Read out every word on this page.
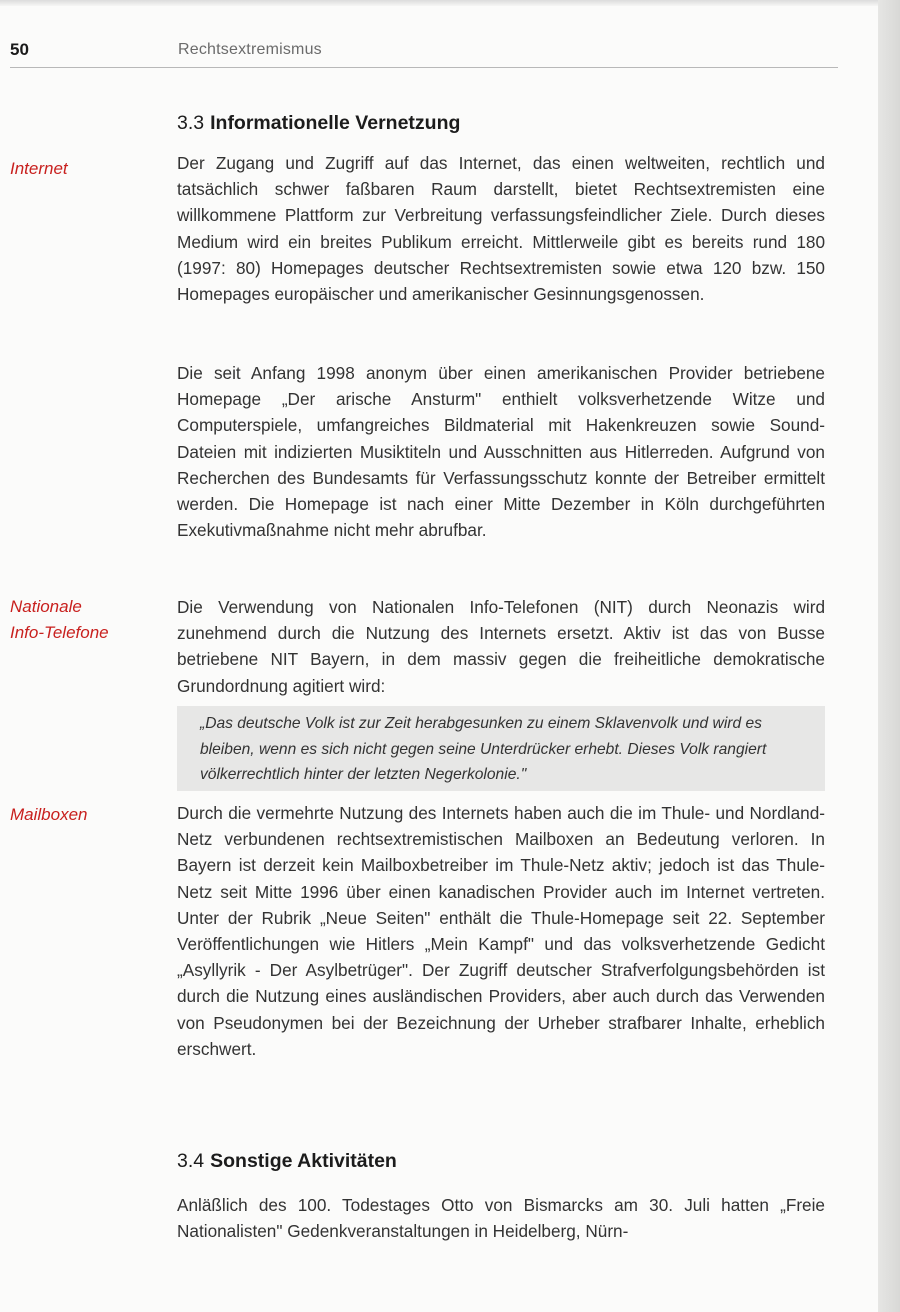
50	Rechtsextremismus
3.3 Informationelle Vernetzung
Internet	Der Zugang und Zugriff auf das Internet, das einen weltweiten, rechtlich und tatsächlich schwer faßbaren Raum darstellt, bietet Rechtsextremisten eine willkommene Plattform zur Verbreitung verfassungsfeindlicher Ziele. Durch dieses Medium wird ein breites Publikum erreicht. Mittlerweile gibt es bereits rund 180 (1997: 80) Homepages deutscher Rechtsextremisten sowie etwa 120 bzw. 150 Homepages europäischer und amerikanischer Gesinnungsgenossen.

Die seit Anfang 1998 anonym über einen amerikanischen Provider betriebene Homepage „Der arische Ansturm" enthielt volksverhetzende Witze und Computerspiele, umfangreiches Bildmaterial mit Hakenkreuzen sowie Sound-Dateien mit indizierten Musiktiteln und Ausschnitten aus Hitlerreden. Aufgrund von Recherchen des Bundesamts für Verfassungsschutz konnte der Betreiber ermittelt werden. Die Homepage ist nach einer Mitte Dezember in Köln durchgeführten Exekutivmaßnahme nicht mehr abrufbar.

Nationale
Info-Telefone

Die Verwendung von Nationalen Info-Telefonen (NIT) durch Neonazis wird zunehmend durch die Nutzung des Internets ersetzt. Aktiv ist das von Busse betriebene NIT Bayern, in dem massiv gegen die freiheitliche demokratische Grundordnung agitiert wird:

„Das deutsche Volk ist zur Zeit herabgesunken zu einem Sklavenvolk und wird es bleiben, wenn es sich nicht gegen seine Unterdrücker erhebt. Dieses Volk rangiert völkerrechtlich hinter der letzten Negerkolonie."
Mailboxen	Durch die vermehrte Nutzung des Internets haben auch die im Thule- und Nordland-Netz verbundenen rechtsextremistischen Mailboxen an Bedeutung verloren. In Bayern ist derzeit kein Mailboxbetreiber im Thule-Netz aktiv; jedoch ist das Thule-Netz seit Mitte 1996 über einen kanadischen Provider auch im Internet vertreten. Unter der Rubrik „Neue Seiten" enthält die Thule-Homepage seit 22. September Veröffentlichungen wie Hitlers „Mein Kampf" und das volksverhetzende Gedicht „Asyllyrik - Der Asylbetrüger". Der Zugriff deutscher Strafverfolgungsbehörden ist durch die Nutzung eines ausländischen Providers, aber auch durch das Verwenden von Pseudonymen bei der Bezeichnung der Urheber strafbarer Inhalte, erheblich erschwert.

3.4 Sonstige Aktivitäten

Anläßlich des 100. Todestages Otto von Bismarcks am 30. Juli hatten „Freie Nationalisten" Gedenkveranstaltungen in Heidelberg, Nürn-
